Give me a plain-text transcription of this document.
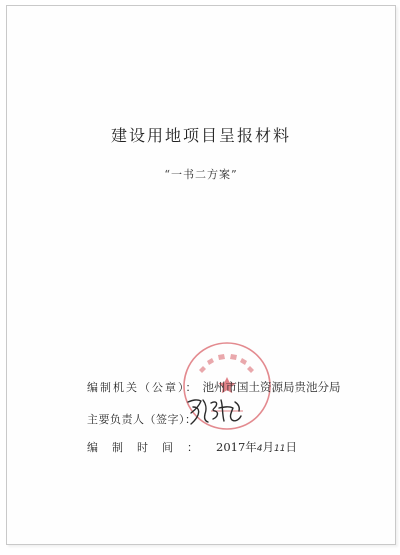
建设用地项目呈报材料
“一书二方案”
编制机关（公章）： 池州市国土资源局贵池分局
主要负责人（签字）：
编制时间： 2017年4月11日
